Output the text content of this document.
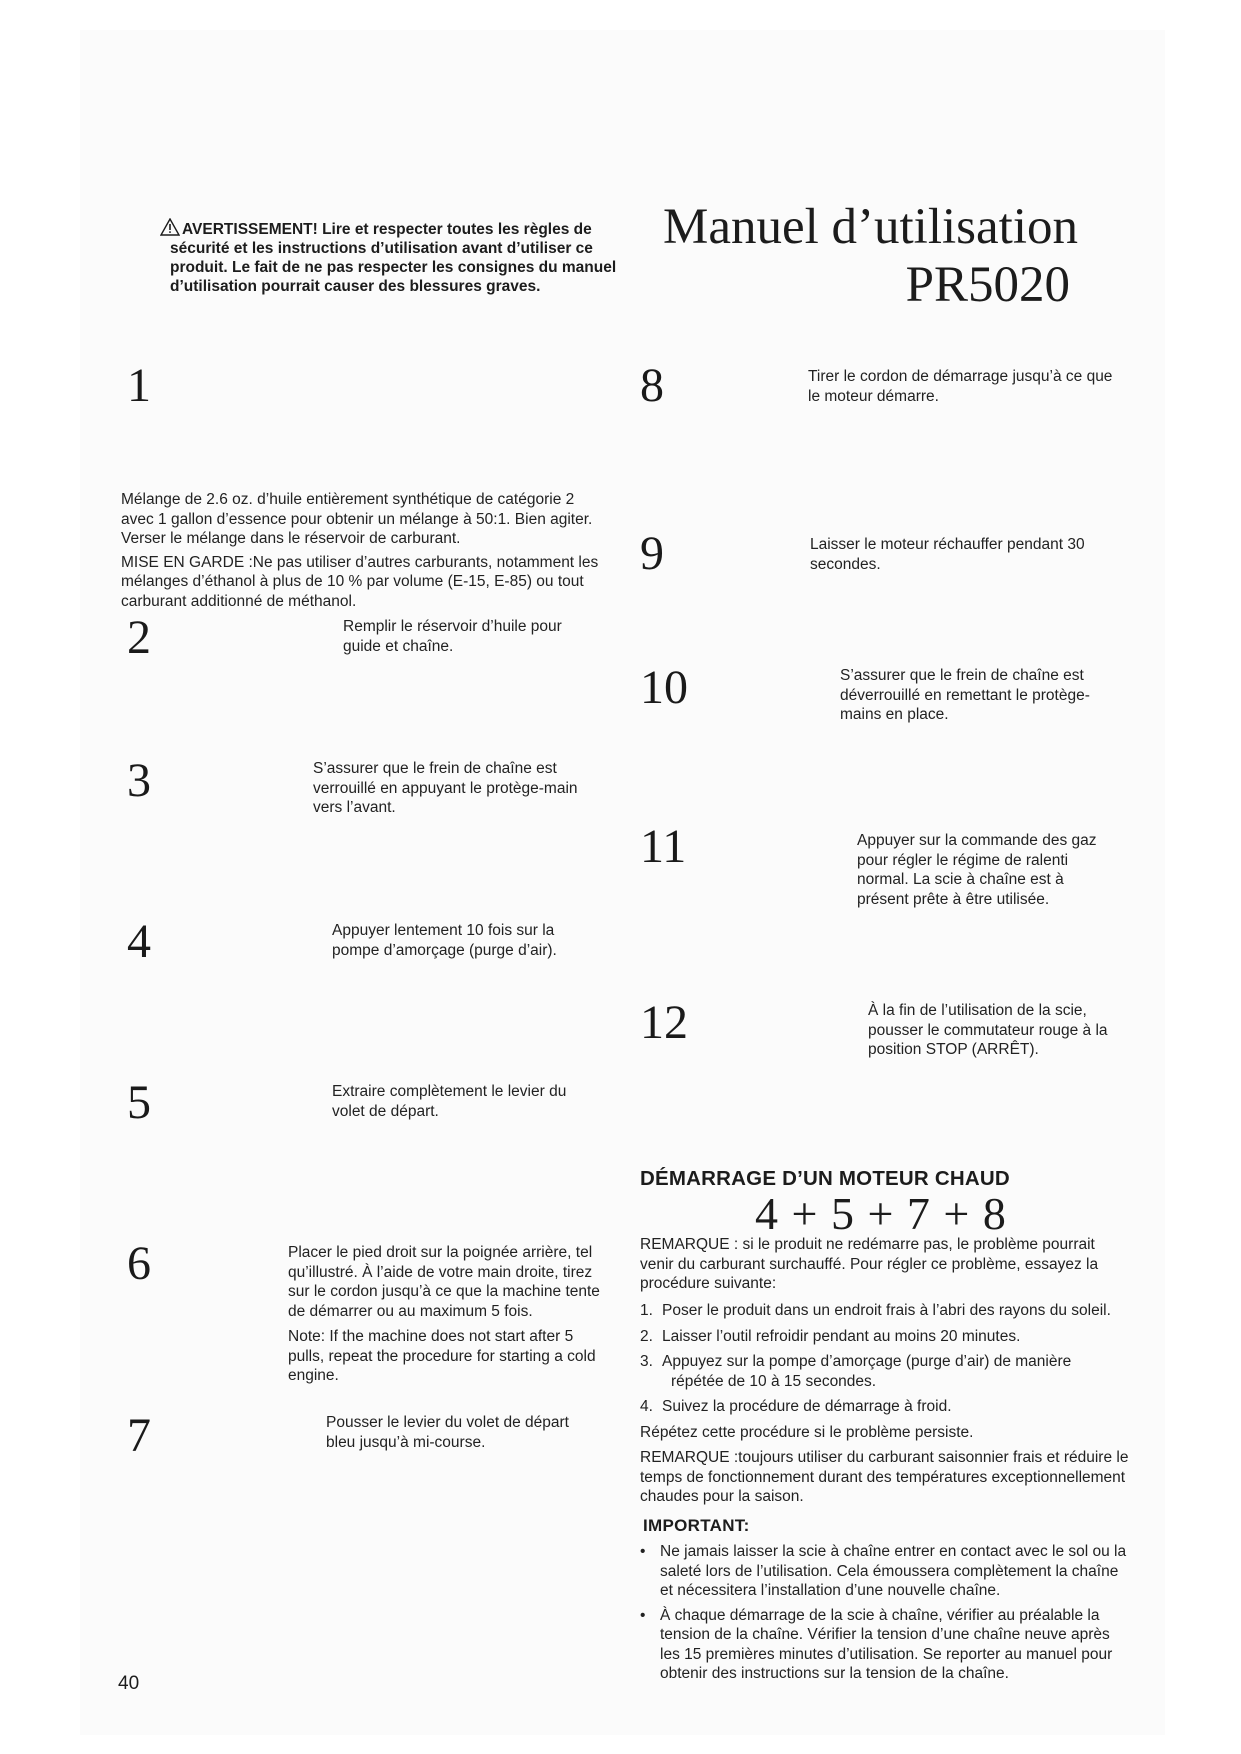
AVERTISSEMENT! Lire et respecter toutes les règles de
sécurité et les instructions d’utilisation avant d’utiliser ce
produit. Le fait de ne pas respecter les consignes du manuel
d’utilisation pourrait causer des blessures graves.
Manuel d’utilisation
PR5020
1

Mélange de 2.6 oz. d’huile entièrement synthétique de catégorie 2

avec 1 gallon d’essence pour obtenir un mélange à 50:1. Bien agiter.

Verser le mélange dans le réservoir de carburant.

MISE EN GARDE :Ne pas utiliser d’autres carburants, notamment les

mélanges d’éthanol à plus de 10 % par volume (E-15, E-85) ou tout

carburant additionné de méthanol.

2	Remplir le réservoir d’huile pour

guide et chaîne.

3	S’assurer que le frein de chaîne est

verrouillé en appuyant le protège-main

vers l’avant.

4	Appuyer lentement 10 fois sur la

pompe d’amorçage (purge d’air).

5	Extraire complètement le levier du

volet de départ.

6	Placer le pied droit sur la poignée arrière, tel

qu’illustré. À l’aide de votre main droite, tirez

sur le cordon jusqu’à ce que la machine tente

de démarrer ou au maximum 5 fois.

Note: If the machine does not start after 5

pulls, repeat the procedure for starting a cold

engine.

7	Pousser le levier du volet de départ

bleu jusqu’à mi-course.

8	Tirer le cordon de démarrage jusqu’à ce que

le moteur démarre.

9	Laisser le moteur réchauffer pendant 30

secondes.

10	S’assurer que le frein de chaîne est

déverrouillé en remettant le protège-

mains en place.

11	Appuyer sur la commande des gaz

pour régler le régime de ralenti

normal. La scie à chaîne est à

présent prête à être utilisée.

12	À la fin de l’utilisation de la scie,

pousser le commutateur rouge à la

position STOP (ARRÊT).

DÉMARRAGE D’UN MOTEUR CHAUD
4 + 5 + 7 + 8

REMARQUE : si le produit ne redémarre pas, le problème pourrait

venir du carburant surchauffé. Pour régler ce problème, essayez la

procédure suivante:

1. Poser le produit dans un endroit frais à l’abri des rayons du soleil.
2. Laisser l’outil refroidir pendant au moins 20 minutes.
3. Appuyez sur la pompe d’amorçage (purge d’air) de manière
répétée de 10 à 15 secondes.
4. Suivez la procédure de démarrage à froid.

Répétez cette procédure si le problème persiste.

REMARQUE :toujours utiliser du carburant saisonnier frais et réduire le

temps de fonctionnement durant des températures exceptionnellement

chaudes pour la saison.

IMPORTANT:
• Ne jamais laisser la scie à chaîne entrer en contact avec le sol ou la
saleté lors de l’utilisation. Cela émoussera complètement la chaîne
et nécessitera l’installation d’une nouvelle chaîne.
• À chaque démarrage de la scie à chaîne, vérifier au préalable la
tension de la chaîne. Vérifier la tension d’une chaîne neuve après
les 15 premières minutes d’utilisation. Se reporter au manuel pour
obtenir des instructions sur la tension de la chaîne.
40
